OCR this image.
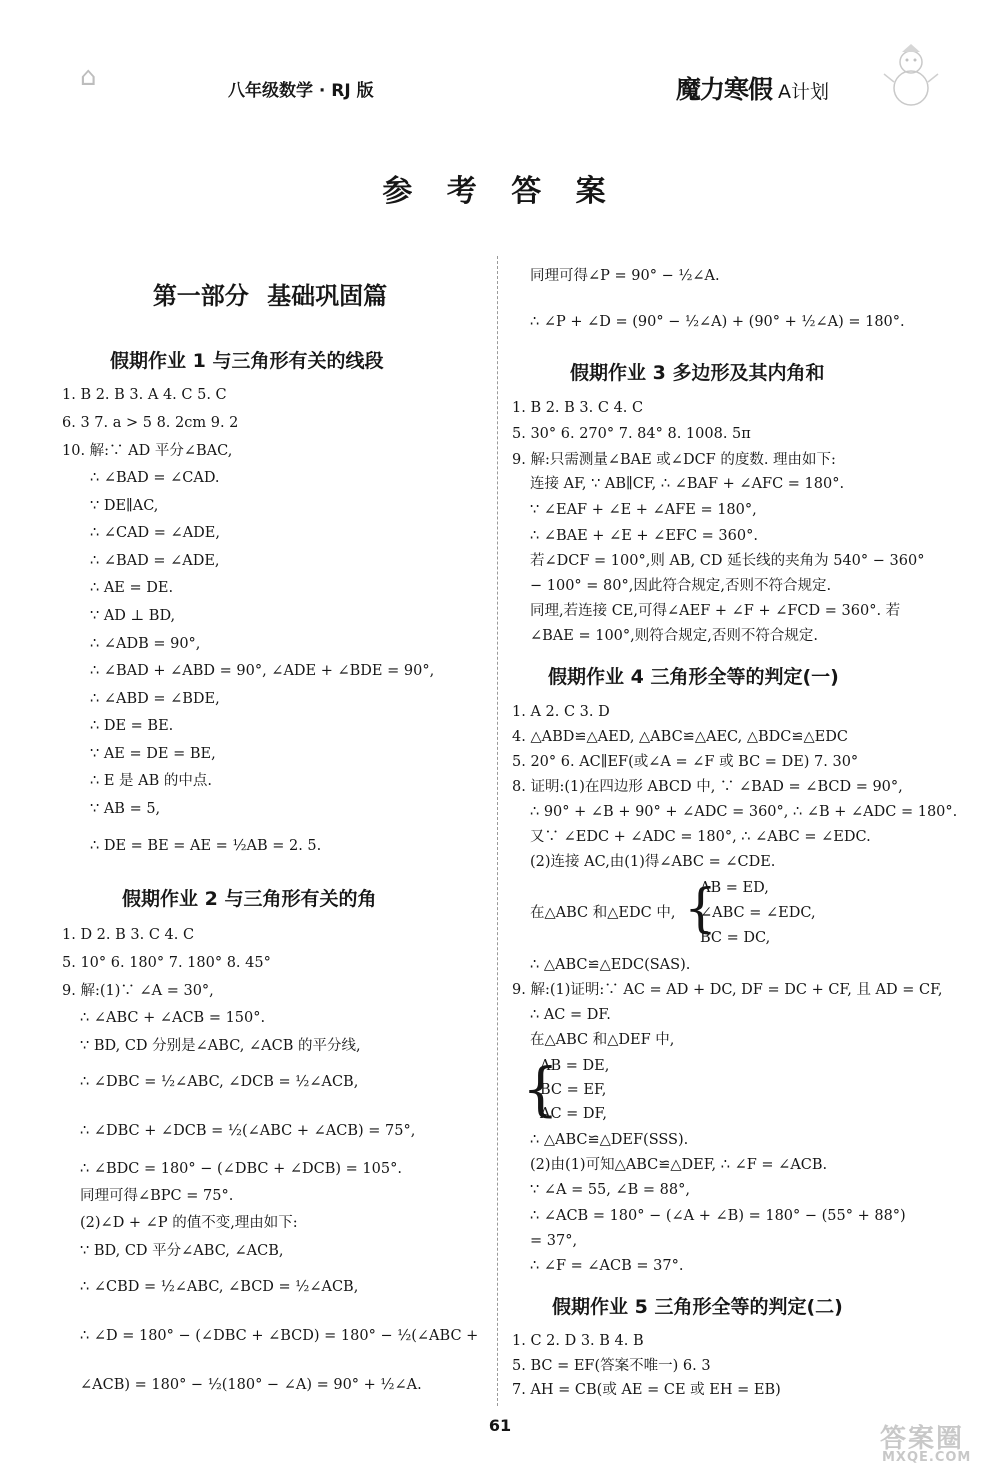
⌂	八年级数学 · RJ 版	魔力寒假 A计划
参 考 答 案
第一部分 基础巩固篇
假期作业 1 与三角形有关的线段
1. B 2. B 3. A 4. C 5. C
6. 3 7. a > 5 8. 2cm 9. 2
10. 解:∵ AD 平分∠BAC,
∴ ∠BAD = ∠CAD.
∵ DE∥AC,
∴ ∠CAD = ∠ADE,
∴ ∠BAD = ∠ADE,
∴ AE = DE.
∵ AD ⊥ BD,
∴ ∠ADB = 90°,
∴ ∠BAD + ∠ABD = 90°, ∠ADE + ∠BDE = 90°,
∴ ∠ABD = ∠BDE,
∴ DE = BE.
∵ AE = DE = BE,
∴ E 是 AB 的中点.
∵ AB = 5,
∴ DE = BE = AE = ½AB = 2. 5.
假期作业 2 与三角形有关的角
1. D 2. B 3. C 4. C
5. 10° 6. 180° 7. 180° 8. 45°
9. 解:(1)∵ ∠A = 30°,
∴ ∠ABC + ∠ACB = 150°.
∵ BD, CD 分别是∠ABC, ∠ACB 的平分线,
∴ ∠DBC = ½∠ABC, ∠DCB = ½∠ACB,
∴ ∠DBC + ∠DCB = ½(∠ABC + ∠ACB) = 75°,
∴ ∠BDC = 180° − (∠DBC + ∠DCB) = 105°.
同理可得∠BPC = 75°.
(2)∠D + ∠P 的值不变,理由如下:
∵ BD, CD 平分∠ABC, ∠ACB,
∴ ∠CBD = ½∠ABC, ∠BCD = ½∠ACB,
∴ ∠D = 180° − (∠DBC + ∠BCD) = 180° − ½(∠ABC +
∠ACB) = 180° − ½(180° − ∠A) = 90° + ½∠A.
同理可得∠P = 90° − ½∠A.
∴ ∠P + ∠D = (90° − ½∠A) + (90° + ½∠A) = 180°.
假期作业 3 多边形及其内角和
1. B 2. B 3. C 4. C
5. 30° 6. 270° 7. 84° 8. 1008. 5π
9. 解:只需测量∠BAE 或∠DCF 的度数. 理由如下:
连接 AF, ∵ AB∥CF, ∴ ∠BAF + ∠AFC = 180°.
∵ ∠EAF + ∠E + ∠AFE = 180°,
∴ ∠BAE + ∠E + ∠EFC = 360°.
若∠DCF = 100°,则 AB, CD 延长线的夹角为 540° − 360°
− 100° = 80°,因此符合规定,否则不符合规定.
同理,若连接 CE,可得∠AEF + ∠F + ∠FCD = 360°. 若
∠BAE = 100°,则符合规定,否则不符合规定.
假期作业 4 三角形全等的判定(一)
1. A 2. C 3. D
4. △ABD≌△AED, △ABC≌△AEC, △BDC≌△EDC
5. 20° 6. AC∥EF(或∠A = ∠F 或 BC = DE) 7. 30°
8. 证明:(1)在四边形 ABCD 中, ∵ ∠BAD = ∠BCD = 90°,
∴ 90° + ∠B + 90° + ∠ADC = 360°, ∴ ∠B + ∠ADC = 180°.
又∵ ∠EDC + ∠ADC = 180°, ∴ ∠ABC = ∠EDC.
(2)连接 AC,由(1)得∠ABC = ∠CDE.
在△ABC 和△EDC 中, {
AB = ED,
∠ABC = ∠EDC,
BC = DC,
∴ △ABC≌△EDC(SAS).
9. 解:(1)证明:∵ AC = AD + DC, DF = DC + CF, 且 AD = CF,
∴ AC = DF.
在△ABC 和△DEF 中,
{
AB = DE,
BC = EF,
AC = DF,
∴ △ABC≌△DEF(SSS).
(2)由(1)可知△ABC≌△DEF, ∴ ∠F = ∠ACB.
∵ ∠A = 55, ∠B = 88°,
∴ ∠ACB = 180° − (∠A + ∠B) = 180° − (55° + 88°)
= 37°,
∴ ∠F = ∠ACB = 37°.
假期作业 5 三角形全等的判定(二)
1. C 2. D 3. B 4. B
5. BC = EF(答案不唯一) 6. 3
7. AH = CB(或 AE = CE 或 EH = EB)
61	答案圈
MXQE.COM
